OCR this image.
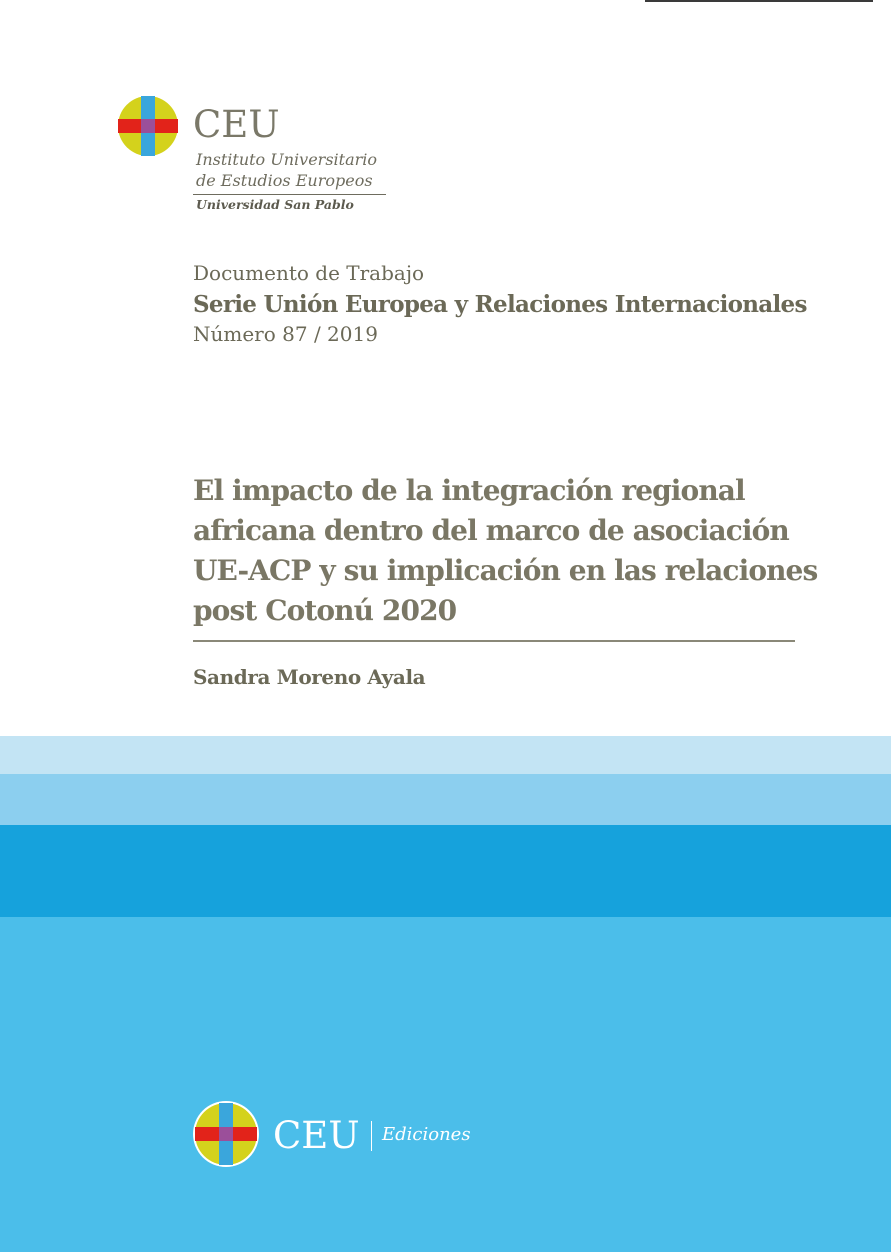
CEU
Instituto Universitario
de Estudios Europeos
Universidad San Pablo
Documento de Trabajo
Serie Unión Europea y Relaciones Internacionales
Número 87 / 2019
El impacto de la integración regional
africana dentro del marco de asociación
UE-ACP y su implicación en las relaciones
post Cotonú 2020
Sandra Moreno Ayala
CEU Ediciones
